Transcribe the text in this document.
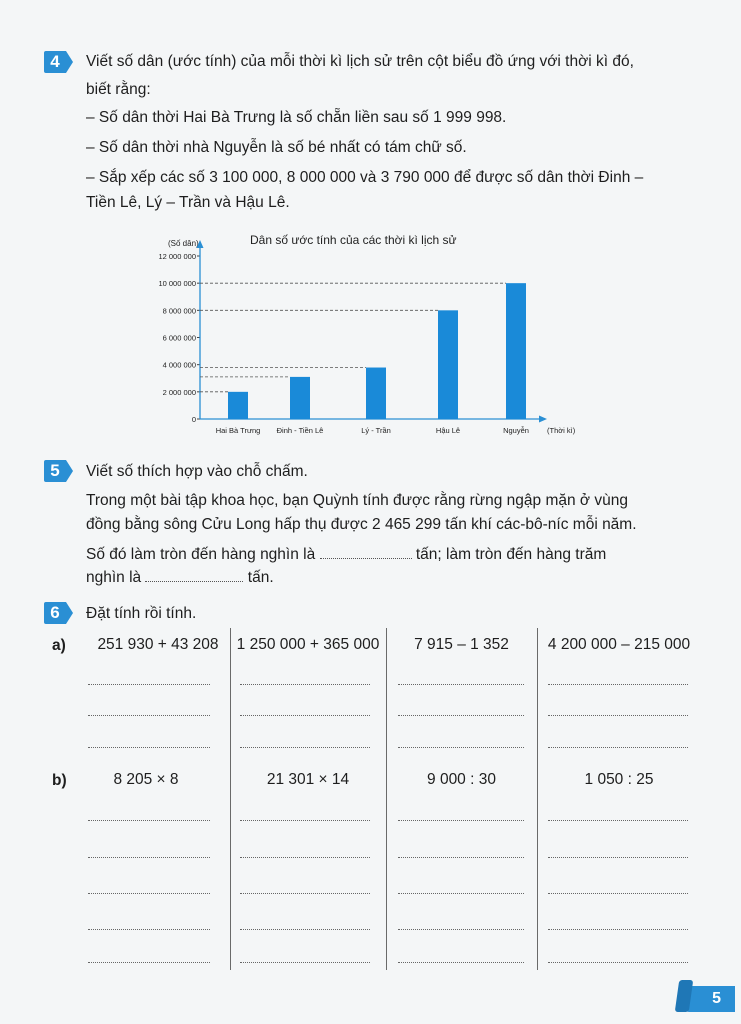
4 Viết số dân (ước tính) của mỗi thời kì lịch sử trên cột biểu đồ ứng với thời kì đó,
biết rằng:
– Số dân thời Hai Bà Trưng là số chẵn liền sau số 1 999 998.
– Số dân thời nhà Nguyễn là số bé nhất có tám chữ số.
– Sắp xếp các số 3 100 000, 8 000 000 và 3 790 000 để được số dân thời Đinh –
Tiền Lê, Lý – Trần và Hậu Lê.
Dân số ước tính của các thời kì lịch sử
(Số dân)
0
2 000 000
4 000 000
6 000 000
8 000 000
10 000 000
12 000 000
(Thời kì)
Hai Bà Trưng Đinh - Tiền Lê	Lý - Trần	Hậu Lê	Nguyễn
5 Viết số thích hợp vào chỗ chấm.
Trong một bài tập khoa học, bạn Quỳnh tính được rằng rừng ngập mặn ở vùng
đồng bằng sông Cửu Long hấp thụ được 2 465 299 tấn khí các-bô-níc mỗi năm.
Số đó làm tròn đến hàng nghìn là	tấn; làm tròn đến hàng trăm
nghìn là	tấn.
6 Đặt tính rồi tính.
a)
b)
251 930 + 43 208	1 250 000 + 365 000	7 915 – 1 352	4 200 000 – 215 000
8 205 × 8	21 301 × 14	9 000 : 30	1 050 : 25
5
